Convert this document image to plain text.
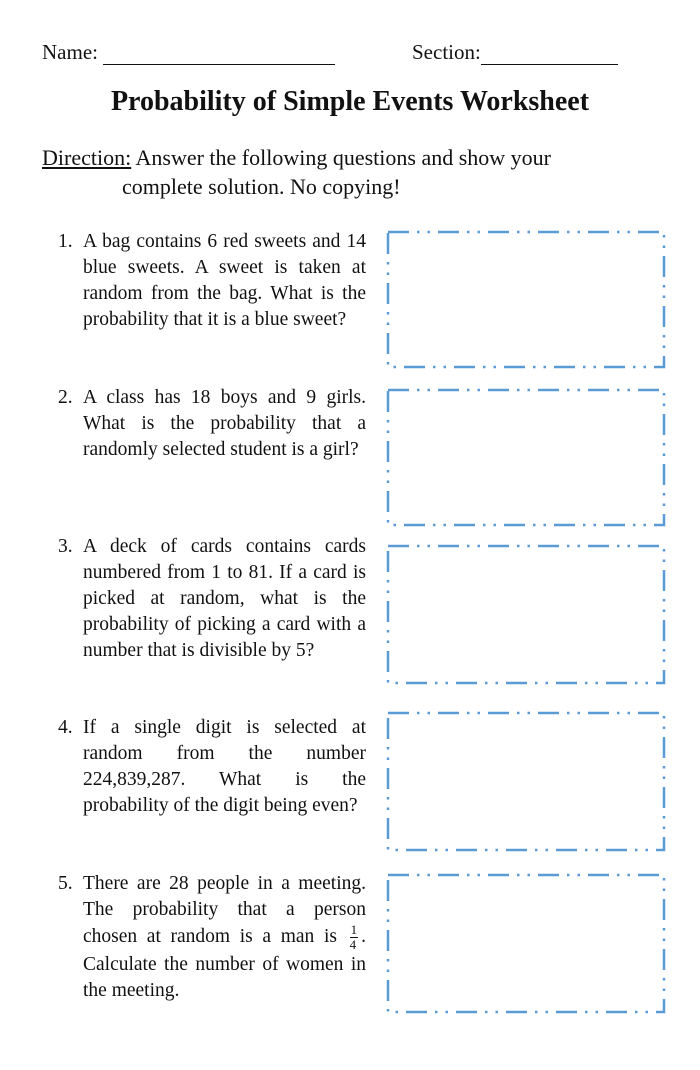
Name:	Section:
Probability of Simple Events Worksheet
Direction: Answer the following questions and show your
complete solution. No copying!
1. A bag contains 6 red sweets and 14 blue sweets. A sweet is taken at random from the bag. What is the probability that it is a blue sweet?
2. A class has 18 boys and 9 girls. What is the probability that a randomly selected student is a girl?
3. A deck of cards contains cards numbered from 1 to 81. If a card is picked at random, what is the probability of picking a card with a number that is divisible by 5?
4. If a single digit is selected at random from the number 224,839,287. What is the probability of the digit being even?
5. There are 28 people in a meeting. The probability that a person chosen at random is a man is $\frac{1}{4}$ . Calculate the number of women in the meeting.
